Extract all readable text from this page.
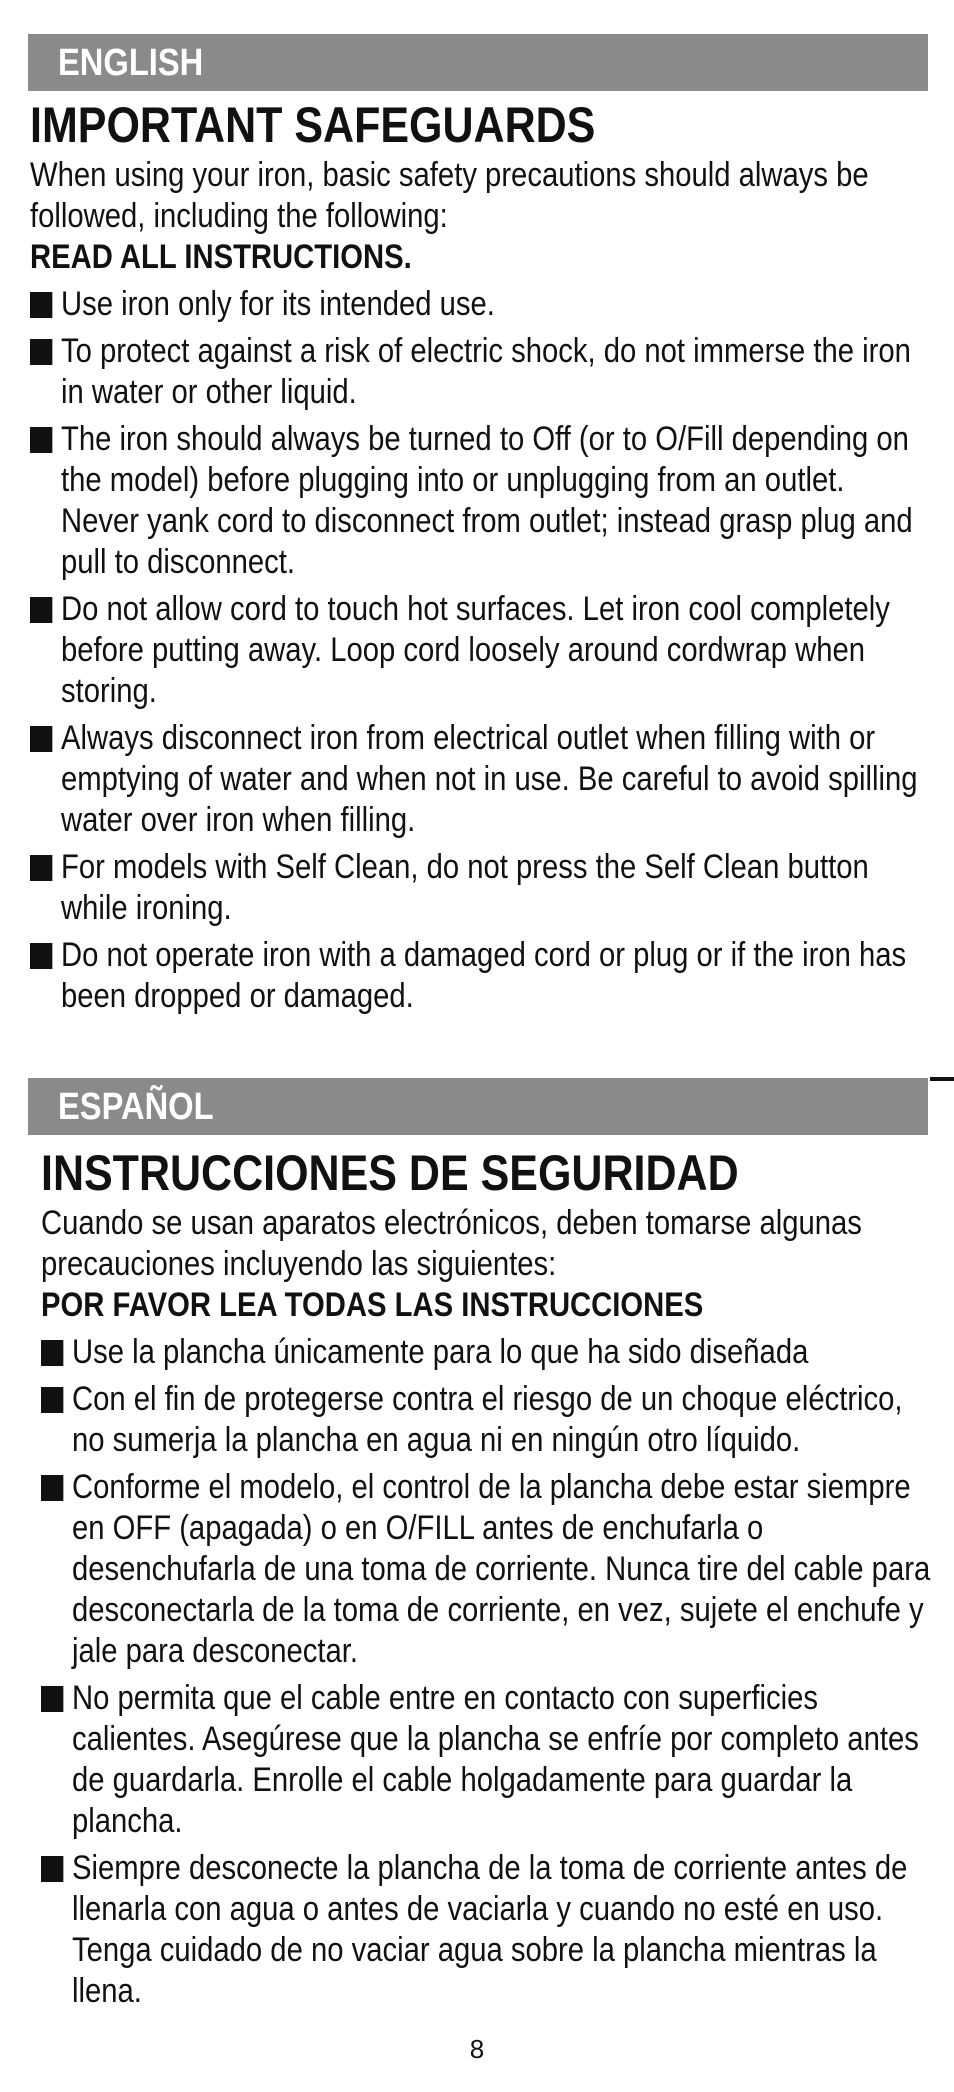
ENGLISH
IMPORTANT SAFEGUARDS

When using your iron, basic safety precautions should always be followed, including the following:

READ ALL INSTRUCTIONS.

Use iron only for its intended use.
To protect against a risk of electric shock, do not immerse the iron in water or other liquid.
The iron should always be turned to Off (or to O/Fill depending on the model) before plugging into or unplugging from an outlet. Never yank cord to disconnect from outlet; instead grasp plug and pull to disconnect.
Do not allow cord to touch hot surfaces. Let iron cool completely before putting away. Loop cord loosely around cordwrap when storing.
Always disconnect iron from electrical outlet when filling with or emptying of water and when not in use. Be careful to avoid spilling water over iron when filling.
For models with Self Clean, do not press the Self Clean button while ironing.
Do not operate iron with a damaged cord or plug or if the iron has been dropped or damaged.
ESPAÑOL
INSTRUCCIONES DE SEGURIDAD

Cuando se usan aparatos electrónicos, deben tomarse algunas precauciones incluyendo las siguientes:

POR FAVOR LEA TODAS LAS INSTRUCCIONES

Use la plancha únicamente para lo que ha sido diseñada
Con el fin de protegerse contra el riesgo de un choque eléctrico, no sumerja la plancha en agua ni en ningún otro líquido.
Conforme el modelo, el control de la plancha debe estar siempre en OFF (apagada) o en O/FILL antes de enchufarla o desenchufarla de una toma de corriente. Nunca tire del cable para desconectarla de la toma de corriente, en vez, sujete el enchufe y jale para desconectar.
No permita que el cable entre en contacto con superficies calientes. Asegúrese que la plancha se enfríe por completo antes de guardarla. Enrolle el cable holgadamente para guardar la plancha.
Siempre desconecte la plancha de la toma de corriente antes de llenarla con agua o antes de vaciarla y cuando no esté en uso. Tenga cuidado de no vaciar agua sobre la plancha mientras la llena.
8
